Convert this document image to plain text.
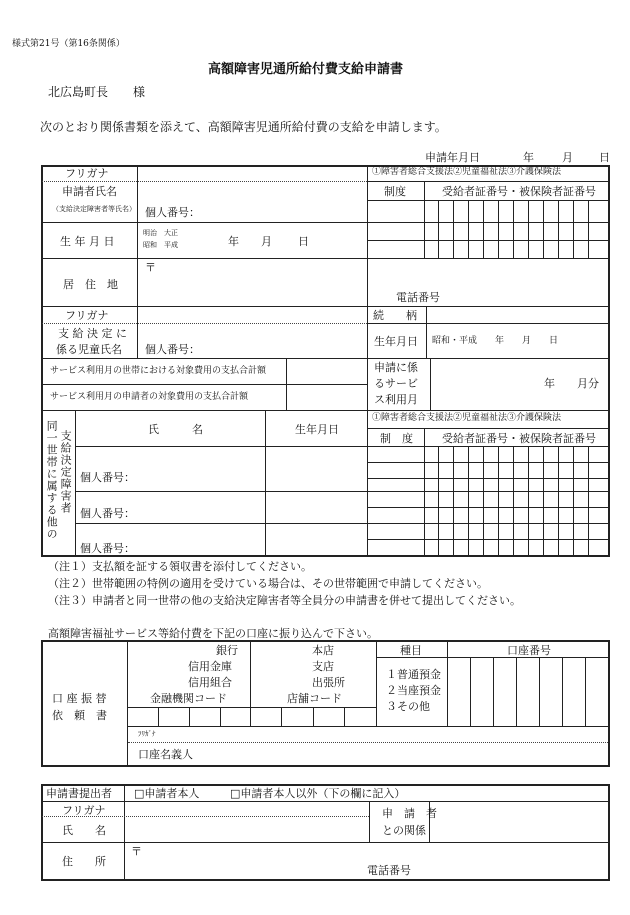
様式第21号（第16条関係）
高額障害児通所給付費支給申請書
北広島町長 様
次のとおり関係書類を添えて、高額障害児通所給付費の支給を申請します。
申請年月日	年	月 日
フリガナ	①障害者総合支援法②児童福祉法③介護保険法
制度	受給者証番号・被保険者証番号
申請者氏名
（支給決定障害者等氏名） 個人番号：
生 年 月 日
明治　大正
昭和　平成	年 月 日
居　住　地
〒
電話番号
フリガナ	続　　柄
支 給 決 定 に
係る児童氏名 個人番号：
生年月日 昭和・平成　　年　　月　　日
サービス利用月の世帯における対象費用の支払合計額
サービス利用月の申請者の対象費用の支払合計額
申請に係
るサービ
ス利用月
年　　月分
同一世帯に属する他の 支給決定障害者
氏　　　名	生年月日
①障害者総合支援法②児童福祉法③介護保険法
制　度	受給者証番号・被保険者証番号
個人番号：
個人番号：
個人番号：
（注１）支払額を証する領収書を添付してください。
（注２）世帯範囲の特例の適用を受けている場合は、その世帯範囲で申請してください。
（注３）申請者と同一世帯の他の支給決定障害者等全員分の申請書を併せて提出してください。
高額障害福祉サービス等給付費を下記の口座に振り込んで下さい。
銀行
信用金庫
信用組合
本店
支店
出張所
種目
１普通預金
２当座預金
３その他
口座番号
金融機関コード	店舗コード
口 座 振 替
依　頼　書
ﾌﾘｶﾞﾅ
口座名義人
申請書提出者 □申請者本人	□申請者本人以外（下の欄に記入）
フリガナ
氏　　名
申　請　者
との関係
住　　所
〒
電話番号
